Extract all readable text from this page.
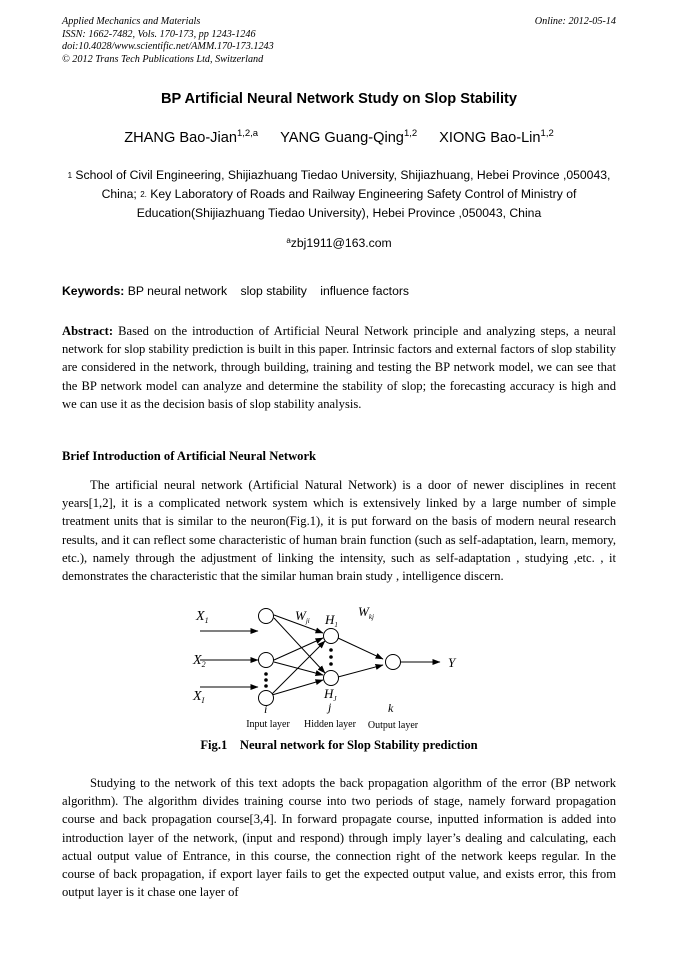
Applied Mechanics and Materials
ISSN: 1662-7482, Vols. 170-173, pp 1243-1246
doi:10.4028/www.scientific.net/AMM.170-173.1243
© 2012 Trans Tech Publications Ltd, Switzerland
Online: 2012-05-14
BP Artificial Neural Network Study on Slop Stability
ZHANG Bao-Jian$^{1,2,a}$ YANG Guang-Qing$^{1,2}$ XIONG Bao-Lin$^{1,2}$
$^1$ School of Civil Engineering, Shijiazhuang Tiedao University, Shijiazhuang, Hebei Province ,050043, China; $^{2.}$ Key Laboratory of Roads and Railway Engineering Safety Control of Ministry of Education(Shijiazhuang Tiedao University), Hebei Province ,050043, China
$^a$zbj1911@163.com
Keywords: BP neural network slop stability influence factors
Abstract: Based on the introduction of Artificial Neural Network principle and analyzing steps, a neural network for slop stability prediction is built in this paper. Intrinsic factors and external factors of slop stability are considered in the network, through building, training and testing the BP network model, we can see that the BP network model can analyze and determine the stability of slop; the forecasting accuracy is high and we can use it as the decision basis of slop stability analysis.
Brief Introduction of Artificial Neural Network
The artificial neural network (Artificial Natural Network) is a door of newer disciplines in recent years[1,2], it is a complicated network system which is extensively linked by a large number of simple treatment units that is similar to the neuron(Fig.1), it is put forward on the basis of modern neural research results, and it can reflect some characteristic of human brain function (such as self-adaptation, learn, memory, etc.), namely through the adjustment of linking the intensity, such as self-adaptation , studying ,etc. , it demonstrates the characteristic that the similar human brain study , intelligence discern.
$X_1$
$X_2$
$X_I$
$W_{ji}$ $H_1$
$W_{kj}$
$H_J$
Y
i	j	k
Input layer Hidden layer Output layer
Fig.1    Neural network for Slop Stability prediction
Studying to the network of this text adopts the back propagation algorithm of the error (BP network algorithm). The algorithm divides training course into two periods of stage, namely forward propagation course and back propagation course[3,4]. In forward propagate course, inputted information is added into introduction layer of the network, (input and respond) through imply layer’s dealing and calculating, each actual output value of Entrance, in this course, the connection right of the network keeps regular. In the course of back propagation, if export layer fails to get the expected output value, and exists error, this from output layer is it chase one layer of
